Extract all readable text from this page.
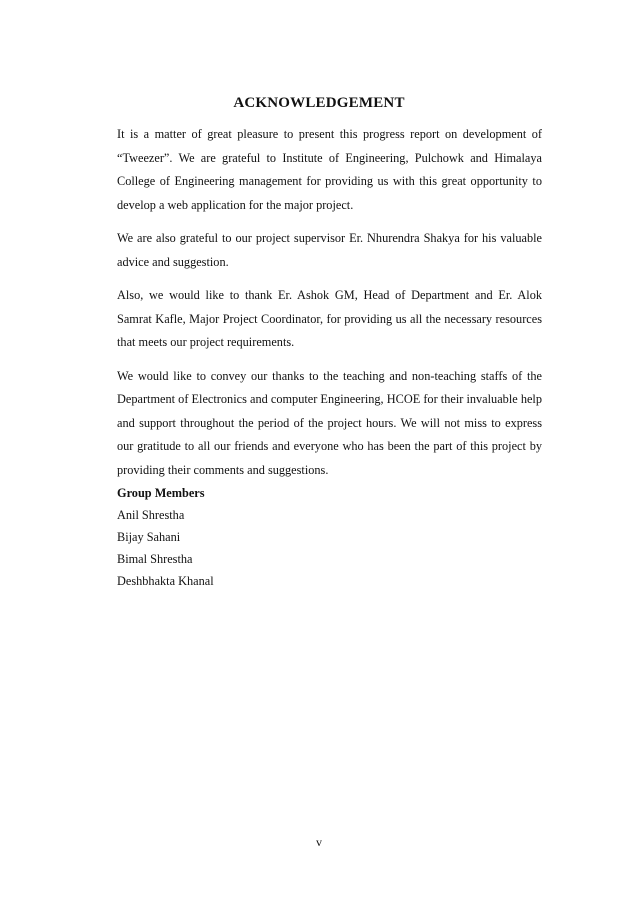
ACKNOWLEDGEMENT

It is a matter of great pleasure to present this progress report on development of “Tweezer”. We are grateful to Institute of Engineering, Pulchowk and Himalaya College of Engineering management for providing us with this great opportunity to develop a web application for the major project.

We are also grateful to our project supervisor Er. Nhurendra Shakya for his valuable advice and suggestion.

Also, we would like to thank Er. Ashok GM, Head of Department and Er. Alok Samrat Kafle, Major Project Coordinator, for providing us all the necessary resources that meets our project requirements.

We would like to convey our thanks to the teaching and non-teaching staffs of the Department of Electronics and computer Engineering, HCOE for their invaluable help and support throughout the period of the project hours. We will not miss to express our gratitude to all our friends and everyone who has been the part of this project by providing their comments and suggestions.

Group Members
Anil Shrestha
Bijay Sahani
Bimal Shrestha
Deshbhakta Khanal
v
